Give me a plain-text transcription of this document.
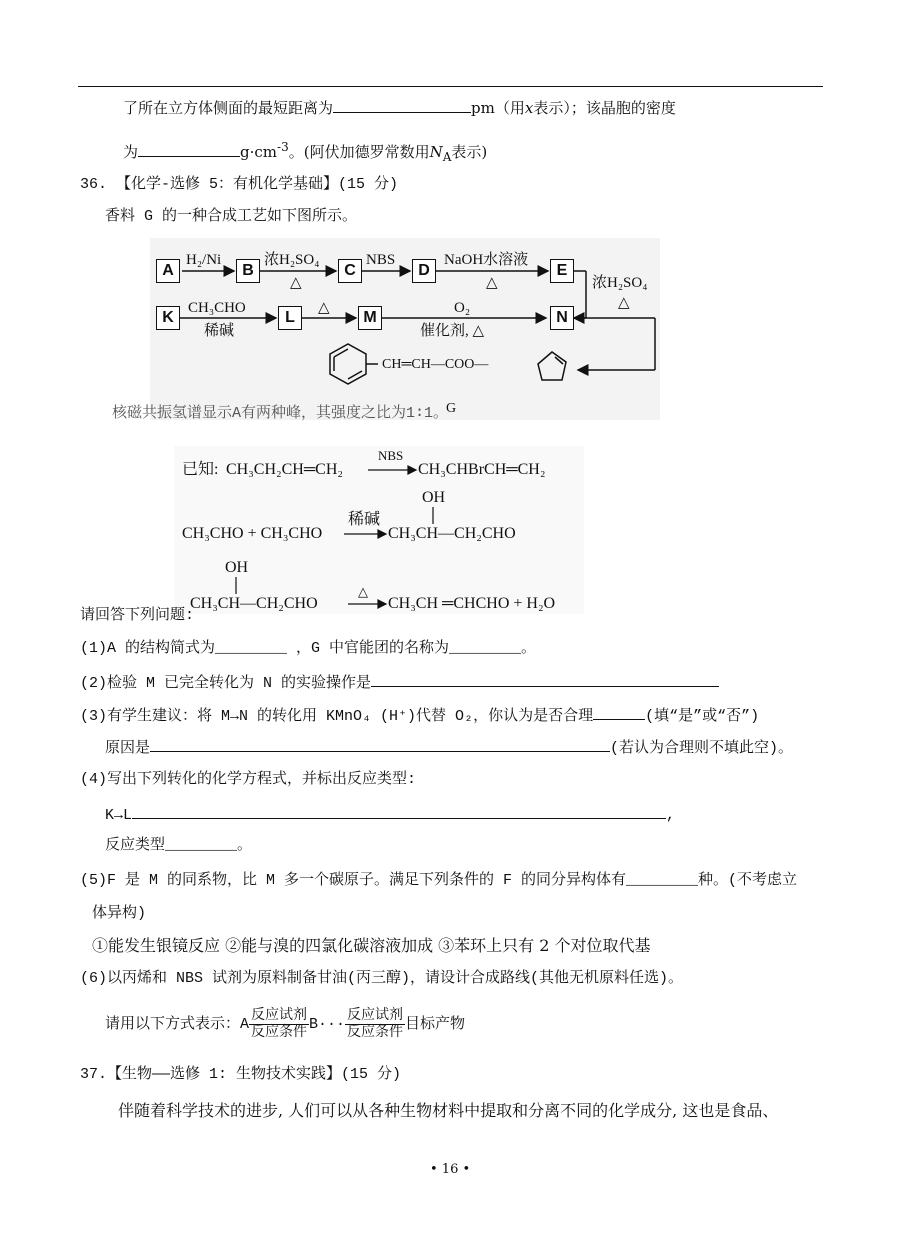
了所在立方体侧面的最短距离为	pm（用x表示）；该晶胞的密度
为	$g\cdot cm^{-3}$。(阿伏加德罗常数用$N_A$表示)
36. 【化学-选修 5：有机化学基础】(15 分)
香料 G 的一种合成工艺如下图所示。
A	B	C	D	E
K	L	M	N
H₂/Ni	浓H₂SO₄
△
NBS	NaOH水溶液
△	浓H₂SO₄
△
CH₃CHO
稀碱
△	O₂
催化剂, △
CH═CH—COO—
G
核磁共振氢谱显示A有两种峰，其强度之比为1∶1。
已知: CH₃CH₂CH═CH₂
NBS
CH₃CHBrCH═CH₂
OH
CH₃CHO + CH₃CHO
稀碱
CH₃CH—CH₂CHO
OH
CH₃CH—CH₂CHO
△
CH₃CH ═CHCHO + H₂O
请回答下列问题:
(1)A 的结构简式为________ ，G 中官能团的名称为________。
(2)检验 M 已完全转化为 N 的实验操作是
(3)有学生建议：将 M→N 的转化用 KMnO₄ (H⁺)代替 O₂，你认为是否合理	(填“是”或“否”)
原因是	(若认为合理则不填此空)。
(4)写出下列转化的化学方程式，并标出反应类型:
K→L	,
反应类型________。
(5)F 是 M 的同系物，比 M 多一个碳原子。满足下列条件的 F 的同分异构体有________种。(不考虑立
体异构)
①能发生银镜反应 ②能与溴的四氯化碳溶液加成 ③苯环上只有 2 个对位取代基
(6)以丙烯和 NBS 试剂为原料制备甘油(丙三醇)，请设计合成路线(其他无机原料任选)。
请用以下方式表示：A $\frac{\text{反应试剂}}{\text{反应条件}} B\cdot\cdot\cdot \frac{\text{反应试剂}}{\text{反应条件}}$ 目标产物
37.【生物——选修 1: 生物技术实践】(15 分)
伴随着科学技术的进步, 人们可以从各种生物材料中提取和分离不同的化学成分, 这也是食品、
• 16 •
